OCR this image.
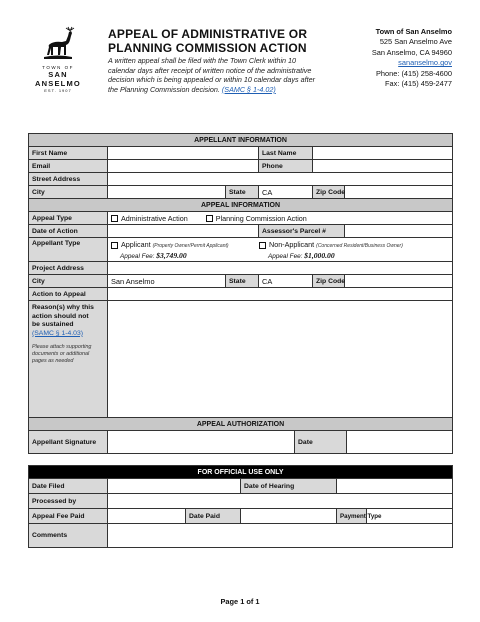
TOWN OF
SAN ANSELMO
EST. 1907
APPEAL OF ADMINISTRATIVE OR
PLANNING COMMISSION ACTION
A written appeal shall be filed with the Town Clerk within 10
calendar days after receipt of written notice of the administrative
decision which is being appealed or within 10 calendar days after
the Planning Commission decision. (SAMC § 1-4.02)
Town of San Anselmo
525 San Anselmo Ave
San Anselmo, CA 94960
sananselmo.gov
Phone: (415) 258-4600
Fax: (415) 459-2477
APPELLANT INFORMATION					
First Name			Last Name		
Email			Phone		
Street Address					
City		State	CA	Zip Code	
APPEAL INFORMATION					
Appeal Type	Administrative Action Planning Commission Action				
Date of Action			Assessor's Parcel #		
Appellant Type	Applicant (Property Owner/Permit Applicant)
Appeal Fee: $3,749.00
Non-Applicant (Concerned Resident/Business Owner)
Appeal Fee: $1,000.00				

Project Address					
City	San Anselmo	State	CA	Zip Code	
Action to Appeal					
Reason(s) why this
action should not
be sustained
(SAMC § 1-4.03)
Please attach supporting documents or additional pages as needed					

APPEAL AUTHORIZATION
Appellant Signature		Date	
FOR OFFICIAL USE ONLY					
Date Filed			Date of Hearing		
Processed by					
Appeal Fee Paid		Date Paid		Payment Type	
Comments					
Page 1 of 1
